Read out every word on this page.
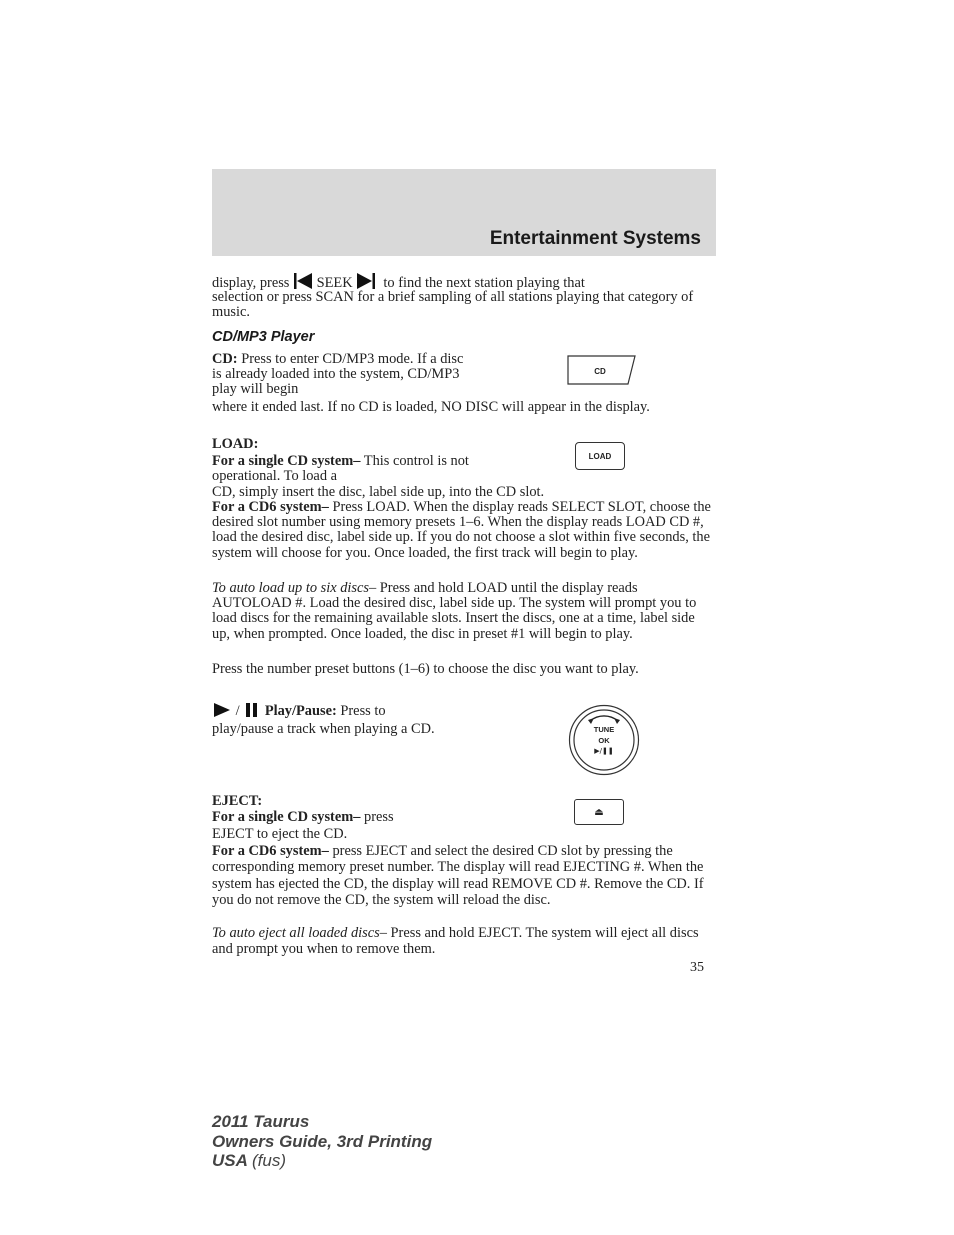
Entertainment Systems
display, press SEEK to find the next station playing that
selection or press SCAN for a brief sampling of all stations playing that category of music.
CD/MP3 Player
CD: Press to enter CD/MP3 mode. If a disc is already loaded into the system, CD/MP3 play will begin
where it ended last. If no CD is loaded, NO DISC will appear in the display.
CD
LOAD:
For a single CD system– This control is not operational. To load a
CD, simply insert the disc, label side up, into the CD slot.
For a CD6 system– Press LOAD. When the display reads SELECT SLOT, choose the desired slot number using memory presets 1–6. When the display reads LOAD CD #, load the desired disc, label side up. If you do not choose a slot within five seconds, the system will choose for you. Once loaded, the first track will begin to play.
LOAD
To auto load up to six discs– Press and hold LOAD until the display reads AUTOLOAD #. Load the desired disc, label side up. The system will prompt you to load discs for the remaining available slots. Insert the discs, one at a time, label side up, when prompted. Once loaded, the disc in preset #1 will begin to play.
Press the number preset buttons (1–6) to choose the disc you want to play.
/ Play/Pause: Press to
play/pause a track when playing a CD.	TUNE
OK
▶/❚❚
EJECT:
For a single CD system– press
EJECT to eject the CD.
For a CD6 system– press EJECT and select the desired CD slot by pressing the corresponding memory preset number. The display will read EJECTING #. When the system has ejected the CD, the display will read REMOVE CD #. Remove the CD. If you do not remove the CD, the system will reload the disc.
To auto eject all loaded discs– Press and hold EJECT. The system will eject all discs and prompt you when to remove them.
⏏
35
2011 Taurus
Owners Guide, 3rd Printing
USA (fus)
